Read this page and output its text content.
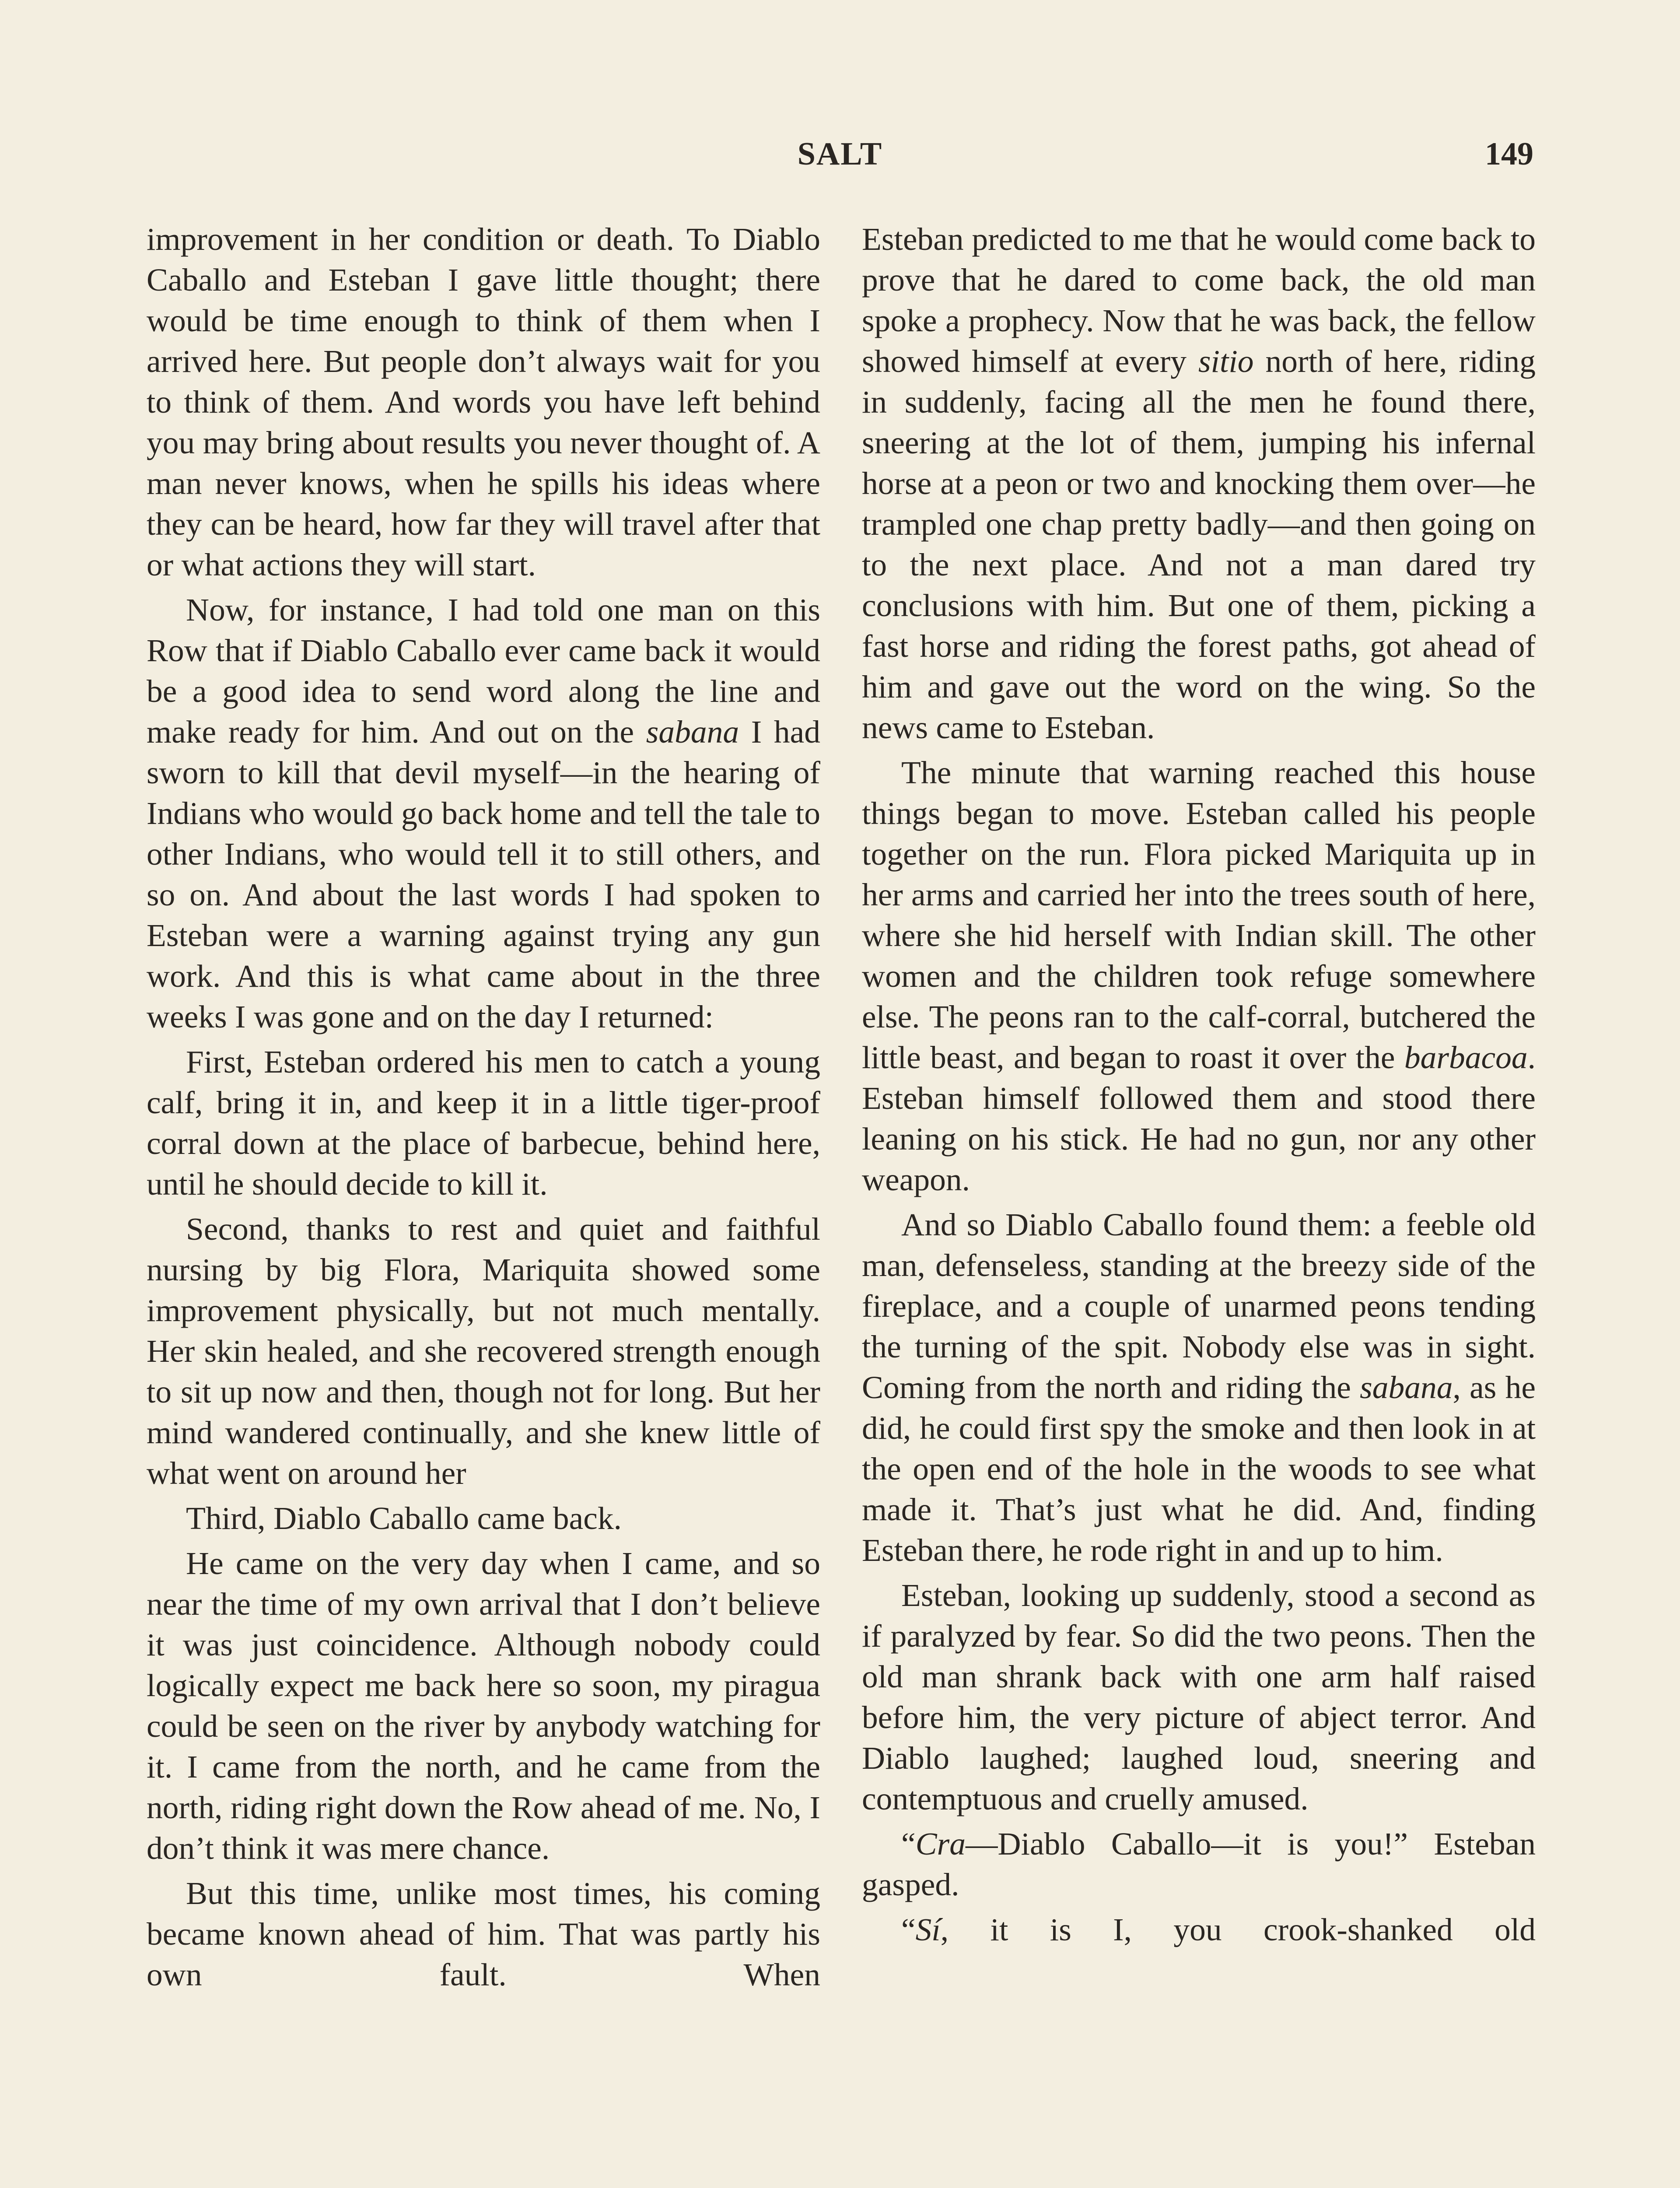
SALT	149

improvement in her condition or death. To Diablo Caballo and Esteban I gave little thought; there would be time enough to think of them when I arrived here. But people don’t always wait for you to think of them. And words you have left behind you may bring about results you never thought of. A man never knows, when he spills his ideas where they can be heard, how far they will travel after that or what actions they will start.

Now, for instance, I had told one man on this Row that if Diablo Caballo ever came back it would be a good idea to send word along the line and make ready for him. And out on the sabana I had sworn to kill that devil myself—in the hearing of Indians who would go back home and tell the tale to other Indians, who would tell it to still others, and so on. And about the last words I had spoken to Esteban were a warning against trying any gun work. And this is what came about in the three weeks I was gone and on the day I returned:

First, Esteban ordered his men to catch a young calf, bring it in, and keep it in a little tiger-proof corral down at the place of barbecue, behind here, until he should decide to kill it.

Second, thanks to rest and quiet and faithful nursing by big Flora, Mariquita showed some improvement physically, but not much mentally. Her skin healed, and she recovered strength enough to sit up now and then, though not for long. But her mind wandered continually, and she knew little of what went on around her

Third, Diablo Caballo came back.

He came on the very day when I came, and so near the time of my own arrival that I don’t believe it was just coincidence. Although nobody could logically expect me back here so soon, my piragua could be seen on the river by anybody watching for it. I came from the north, and he came from the north, riding right down the Row ahead of me. No, I don’t think it was mere chance.

But this time, unlike most times, his coming became known ahead of him. That was partly his own fault. When

Esteban predicted to me that he would come back to prove that he dared to come back, the old man spoke a prophecy. Now that he was back, the fellow showed himself at every sitio north of here, riding in suddenly, facing all the men he found there, sneering at the lot of them, jumping his infernal horse at a peon or two and knocking them over—he trampled one chap pretty badly—and then going on to the next place. And not a man dared try conclusions with him. But one of them, picking a fast horse and riding the forest paths, got ahead of him and gave out the word on the wing. So the news came to Esteban.

The minute that warning reached this house things began to move. Esteban called his people together on the run. Flora picked Mariquita up in her arms and carried her into the trees south of here, where she hid herself with Indian skill. The other women and the children took refuge somewhere else. The peons ran to the calf-corral, butchered the little beast, and began to roast it over the barbacoa. Esteban himself followed them and stood there leaning on his stick. He had no gun, nor any other weapon.

And so Diablo Caballo found them: a feeble old man, defenseless, standing at the breezy side of the fireplace, and a couple of unarmed peons tending the turning of the spit. Nobody else was in sight. Coming from the north and riding the sabana, as he did, he could first spy the smoke and then look in at the open end of the hole in the woods to see what made it. That’s just what he did. And, finding Esteban there, he rode right in and up to him.

Esteban, looking up suddenly, stood a second as if paralyzed by fear. So did the two peons. Then the old man shrank back with one arm half raised before him, the very picture of abject terror. And Diablo laughed; laughed loud, sneering and contemptuous and cruelly amused.

“Cra—Diablo Caballo—it is you!” Esteban gasped.

“Sí, it is I, you crook-shanked old
